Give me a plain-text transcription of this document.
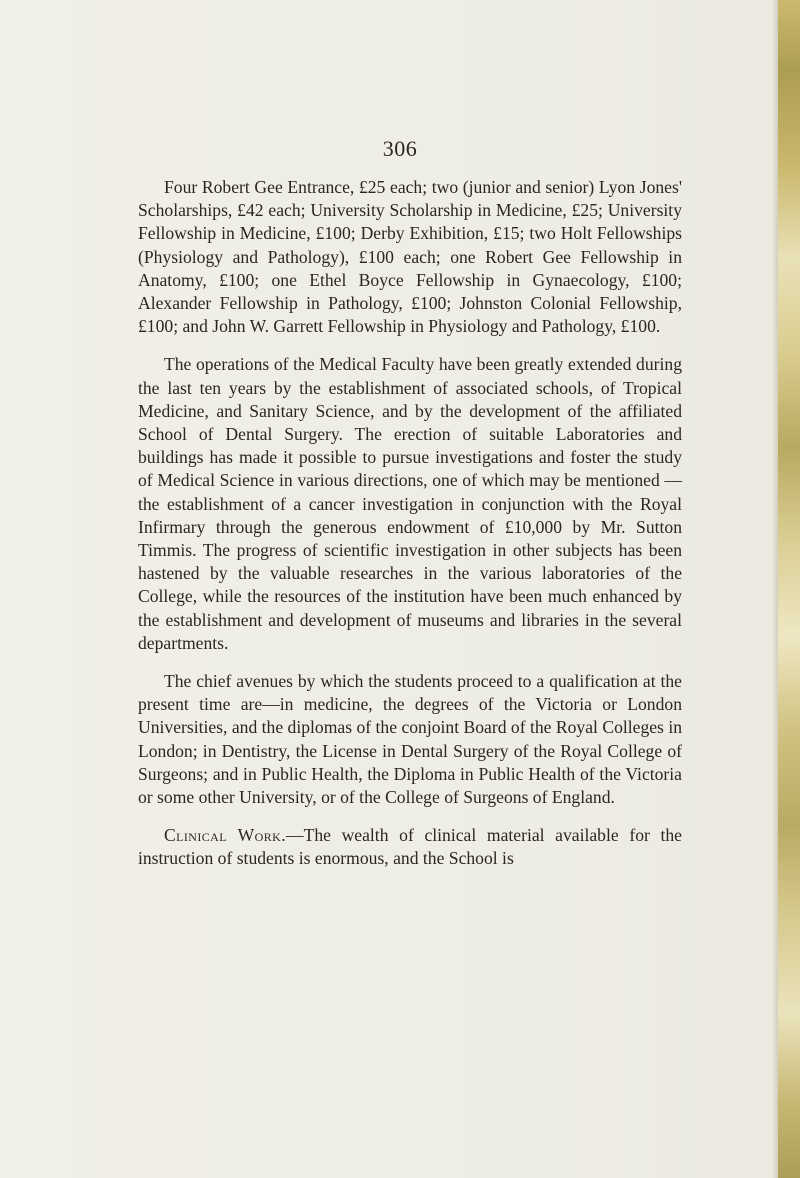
306

Four Robert Gee Entrance, £25 each; two (junior and senior) Lyon Jones' Scholarships, £42 each; University Scholarship in Medicine, £25; University Fellowship in Medicine, £100; Derby Exhibition, £15; two Holt Fellowships (Physiology and Pathology), £100 each; one Robert Gee Fellowship in Anatomy, £100; one Ethel Boyce Fellowship in Gynaecology, £100; Alexander Fellowship in Pathology, £100; Johnston Colonial Fellowship, £100; and John W. Garrett Fellowship in Physiology and Pathology, £100.

The operations of the Medical Faculty have been greatly extended during the last ten years by the establishment of associated schools, of Tropical Medicine, and Sanitary Science, and by the development of the affiliated School of Dental Surgery. The erection of suitable Laboratories and buildings has made it possible to pursue investigations and foster the study of Medical Science in various directions, one of which may be mentioned —the establishment of a cancer investigation in conjunction with the Royal Infirmary through the generous endowment of £10,000 by Mr. Sutton Timmis. The progress of scientific investigation in other subjects has been hastened by the valuable researches in the various laboratories of the College, while the resources of the institution have been much enhanced by the establishment and development of museums and libraries in the several departments.

The chief avenues by which the students proceed to a qualification at the present time are—in medicine, the degrees of the Victoria or London Universities, and the diplomas of the conjoint Board of the Royal Colleges in London; in Dentistry, the License in Dental Surgery of the Royal College of Surgeons; and in Public Health, the Diploma in Public Health of the Victoria or some other University, or of the College of Surgeons of England.

Clinical Work.—The wealth of clinical material available for the instruction of students is enormous, and the School is
